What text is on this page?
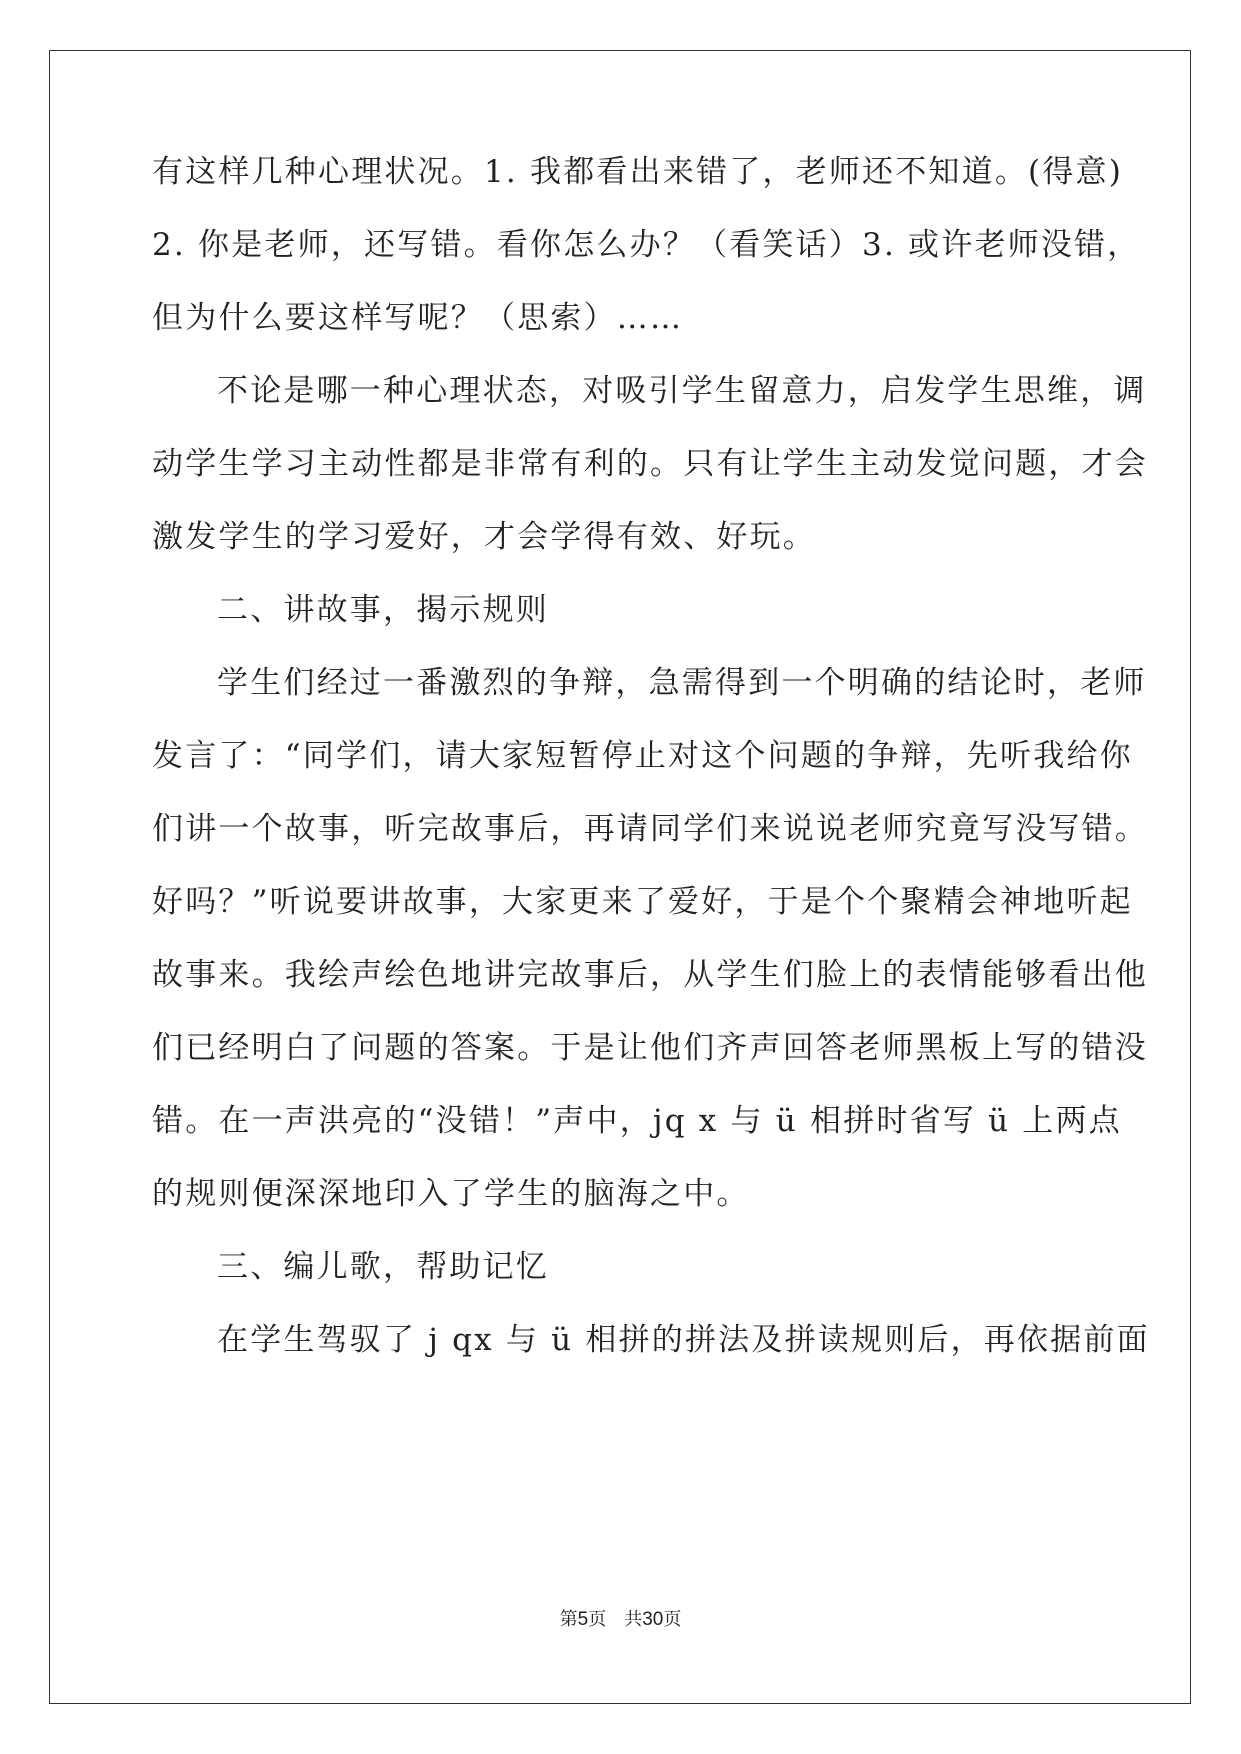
有这样几种心理状况。1. 我都看出来错了，老师还不知道。(得意)
2. 你是老师，还写错。看你怎么办？（看笑话）3. 或许老师没错，
但为什么要这样写呢？（思索）……
不论是哪一种心理状态，对吸引学生留意力，启发学生思维，调
动学生学习主动性都是非常有利的。只有让学生主动发觉问题，才会
激发学生的学习爱好，才会学得有效、好玩。
二、讲故事，揭示规则
学生们经过一番激烈的争辩，急需得到一个明确的结论时，老师
发言了：“同学们，请大家短暂停止对这个问题的争辩，先听我给你
们讲一个故事，听完故事后，再请同学们来说说老师究竟写没写错。
好吗？”听说要讲故事，大家更来了爱好，于是个个聚精会神地听起
故事来。我绘声绘色地讲完故事后，从学生们脸上的表情能够看出他
们已经明白了问题的答案。于是让他们齐声回答老师黑板上写的错没
错。在一声洪亮的“没错！”声中，jq x 与 ü 相拼时省写 ü 上两点
的规则便深深地印入了学生的脑海之中。
三、编儿歌，帮助记忆
在学生驾驭了 j qx 与 ü 相拼的拼法及拼读规则后，再依据前面
第5页　共30页
